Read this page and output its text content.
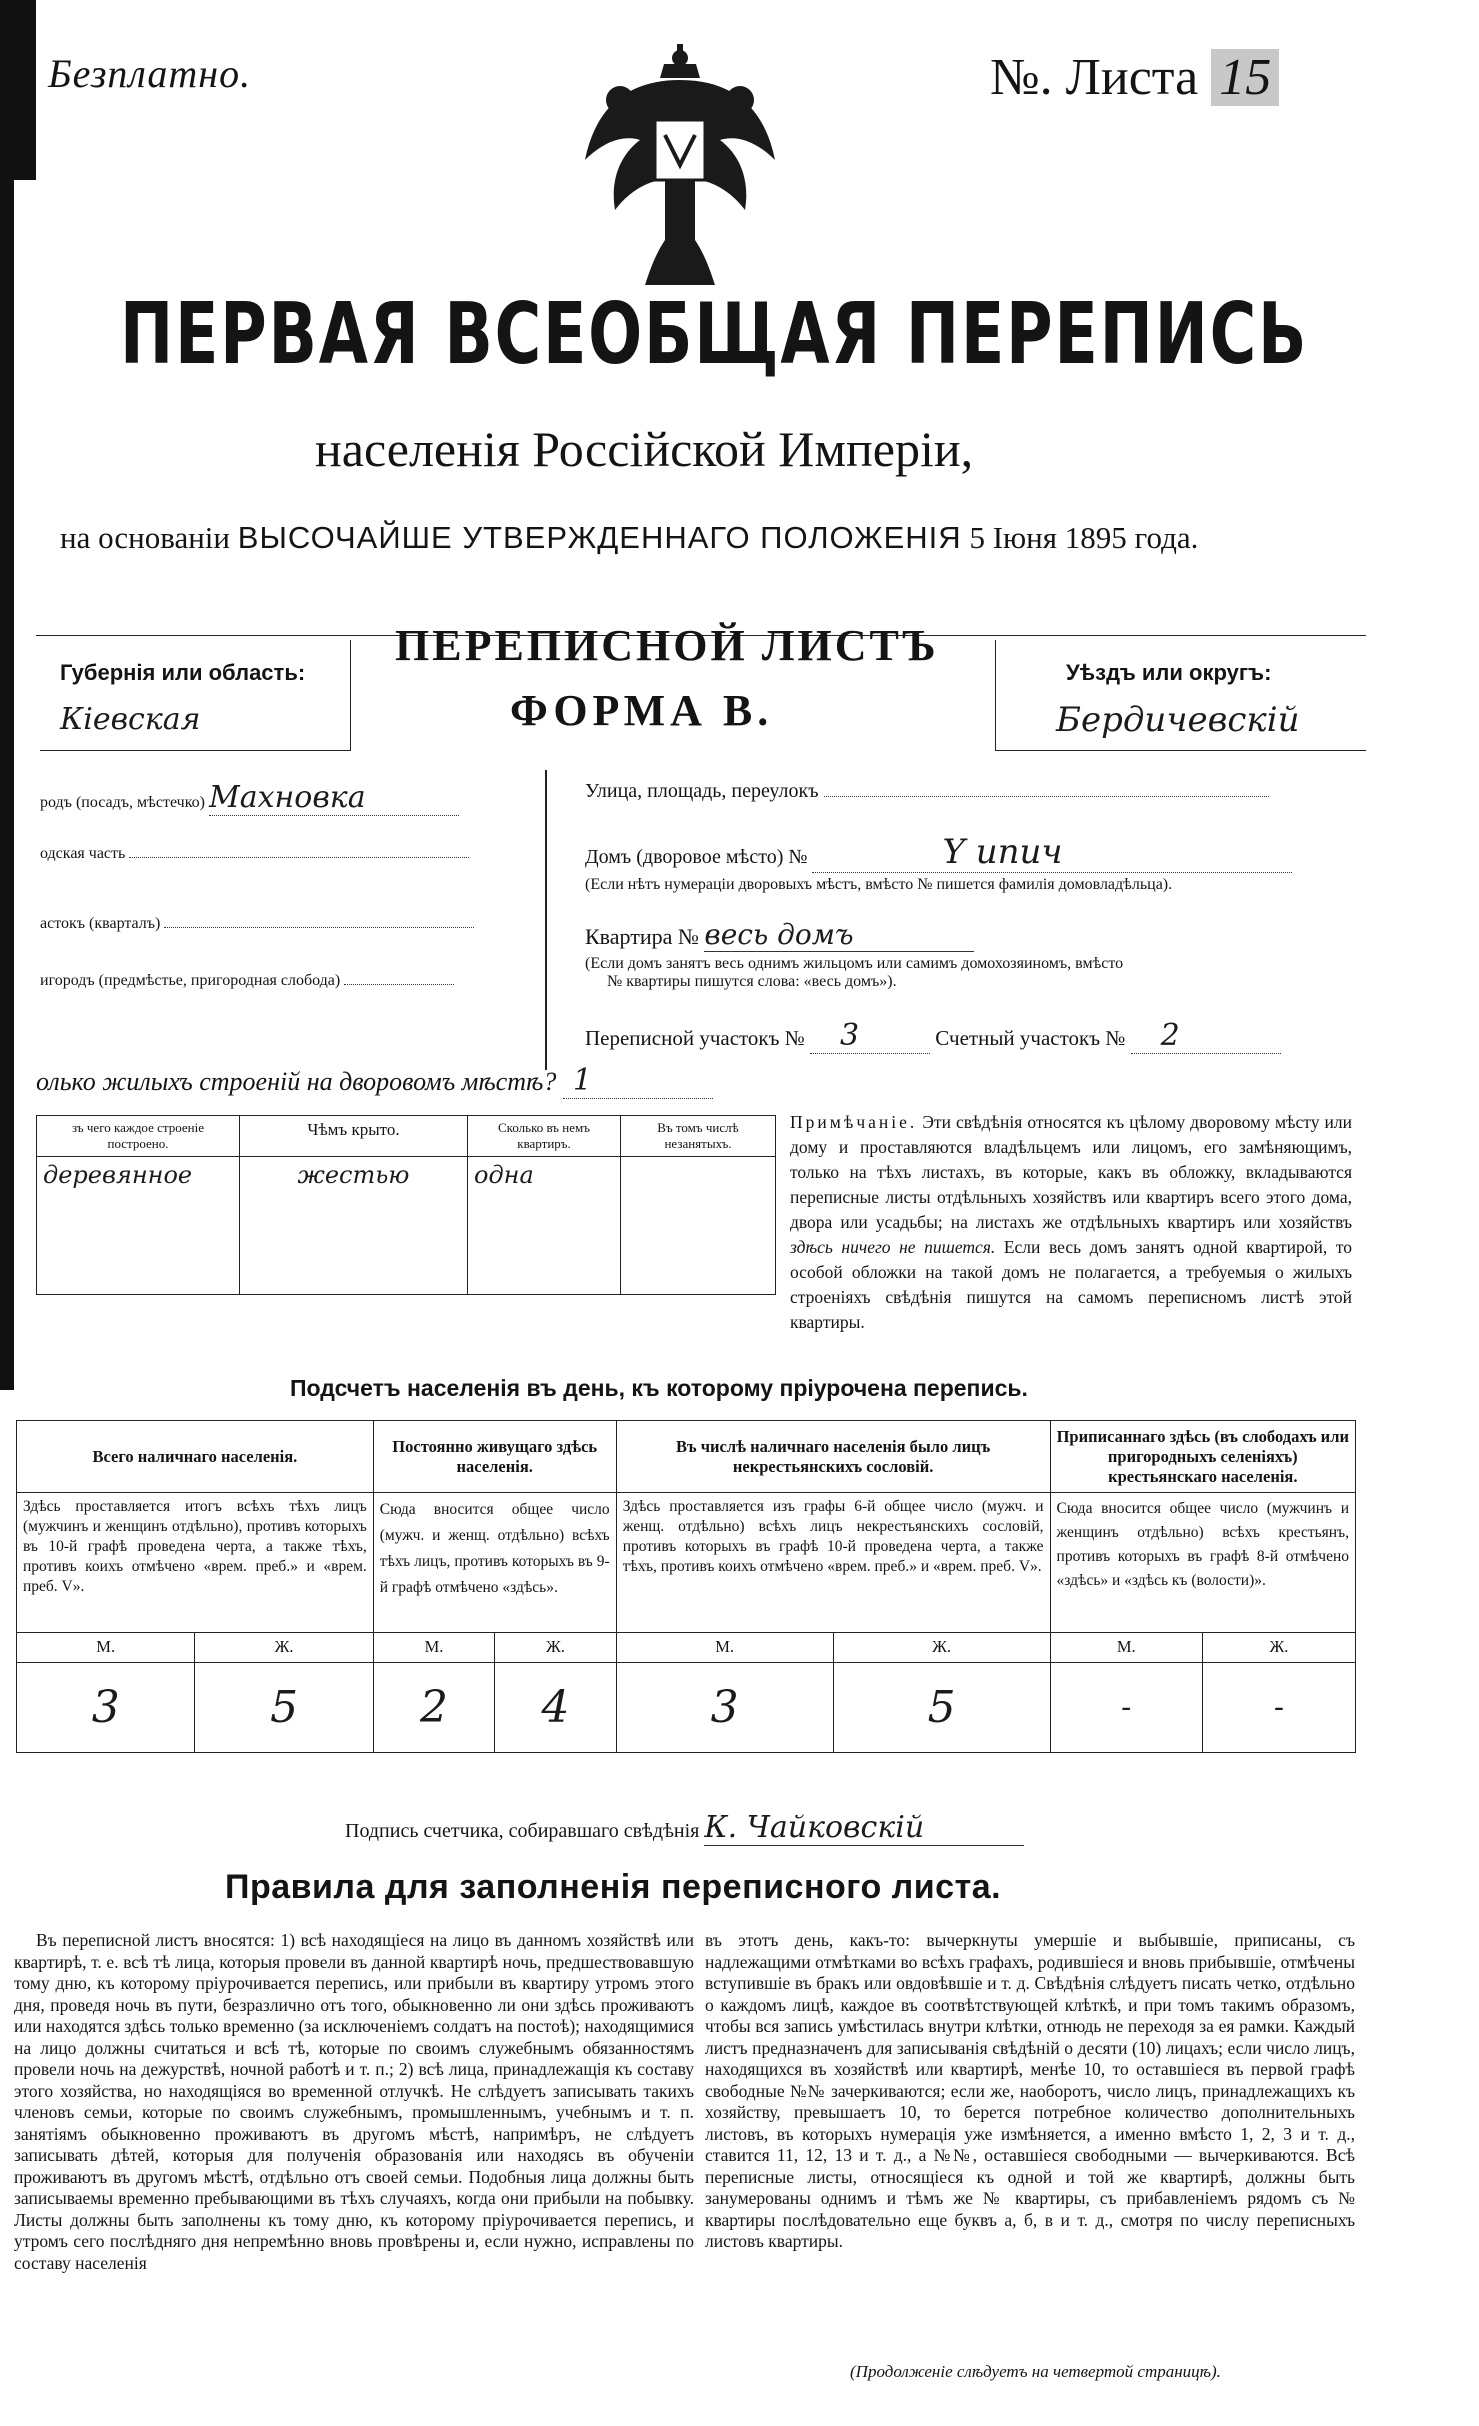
Безплатно.	№. Листа 15
ПЕРВАЯ ВСЕОБЩАЯ ПЕРЕПИСЬ
населенія Россійской Имперіи,
на основаніи ВЫСОЧАЙШЕ УТВЕРЖДЕННАГО ПОЛОЖЕНІЯ 5 Іюня 1895 года.
Губернія или область:
Кіевская
ПЕРЕПИСНОЙ ЛИСТЪ
ФОРМА В.
Уѣздъ или округъ:
Бердичевскій
родъ (посадъ, мѣстечко) Махновка
одская часть
астокъ (кварталъ)
игородъ (предмѣстье, пригородная слобода)
Улица, площадь, переулокъ
Домъ (дворовое мѣсто) №	Y ипич
(Если нѣтъ нумераціи дворовыхъ мѣстъ, вмѣсто № пишется фамилія домовладѣльца).
Квартира № весь домъ
(Если домъ занятъ весь однимъ жильцомъ или самимъ домохозяиномъ, вмѣсто
№ квартиры пишутся слова: «весь домъ»).
Переписной участокъ № 3	Счетный участокъ № 2
олько жилыхъ строеній на дворовомъ мѣстѣ? 1
зъ чего каждое строеніе построено.	Чѣмъ крыто.	Сколько въ немъ квартиръ.	Въ томъ числѣ незанятыхъ.
деревянное	жестью	одна	
Примѣчаніе. Эти свѣдѣнія относятся къ цѣлому дворовому мѣсту или дому и проставляются владѣльцемъ или лицомъ, его замѣняющимъ, только на тѣхъ листахъ, въ которые, какъ въ обложку, вкладываются переписные листы отдѣльныхъ хозяйствъ или квартиръ всего этого дома, двора или усадьбы; на листахъ же отдѣльныхъ квартиръ или хозяйствъ здѣсь ничего не пишется. Если весь домъ занятъ одной квартирой, то особой обложки на такой домъ не полагается, а требуемыя о жилыхъ строеніяхъ свѣдѣнія пишутся на самомъ переписномъ листѣ этой квартиры.
Подсчетъ населенія въ день, къ которому пріурочена перепись.
Всего наличнаго населенія.		Постоянно живущаго здѣсь населенія.		Въ числѣ наличнаго населенія было лицъ некрестьянскихъ сословій.		Приписаннаго здѣсь (въ слободахъ или пригородныхъ селеніяхъ) крестьянскаго населенія.	
Здѣсь проставляется итогъ всѣхъ тѣхъ лицъ (мужчинъ и женщинъ отдѣльно), противъ которыхъ въ 10-й графѣ проведена черта, а также тѣхъ, противъ коихъ отмѣчено «врем. преб.» и «врем. преб. V».		Сюда вносится общее число (мужч. и женщ. отдѣльно) всѣхъ тѣхъ лицъ, противъ которыхъ въ 9-й графѣ отмѣчено «здѣсь».		Здѣсь проставляется изъ графы 6-й общее число (мужч. и женщ. отдѣльно) всѣхъ лицъ некрестьянскихъ сословій, противъ которыхъ въ графѣ 10-й проведена черта, а также тѣхъ, противъ коихъ отмѣчено «врем. преб.» и «врем. преб. V».		Сюда вносится общее число (мужчинъ и женщинъ отдѣльно) всѣхъ крестьянъ, противъ которыхъ въ графѣ 8-й отмѣчено «здѣсь» и «здѣсь къ (волости)».	
М.	Ж.	М.	Ж.	М.	Ж.	М.	Ж.
3	5	2	4	3	5	-	-
Подпись счетчика, собиравшаго свѣдѣнія К. Чайковскій
Правила для заполненія переписного листа.
Въ переписной листъ вносятся: 1) всѣ находящіеся на лицо въ данномъ хозяйствѣ или квартирѣ, т. е. всѣ тѣ лица, которыя провели въ данной квартирѣ ночь, предшествовавшую тому дню, къ которому пріурочивается перепись, или прибыли въ квартиру утромъ этого дня, проведя ночь въ пути, безразлично отъ того, обыкновенно ли они здѣсь проживаютъ или находятся здѣсь только временно (за исключеніемъ солдатъ на постоѣ); находящимися на лицо должны считаться и всѣ тѣ, которые по своимъ служебнымъ обязанностямъ провели ночь на дежурствѣ, ночной работѣ и т. п.; 2) всѣ лица, принадлежащія къ составу этого хозяйства, но находящіяся во временной отлучкѣ. Не слѣдуетъ записывать такихъ членовъ семьи, которые по своимъ служебнымъ, промышленнымъ, учебнымъ и т. п. занятіямъ обыкновенно проживаютъ въ другомъ мѣстѣ, напримѣръ, не слѣдуетъ записывать дѣтей, которыя для полученія образованія или находясь въ обученіи проживаютъ въ другомъ мѣстѣ, отдѣльно отъ своей семьи. Подобныя лица должны быть записываемы временно пребывающими въ тѣхъ случаяхъ, когда они прибыли на побывку. Листы должны быть заполнены къ тому дню, къ которому пріурочивается перепись, и утромъ сего послѣдняго дня непремѣнно вновь провѣрены и, если нужно, исправлены по составу населенія
въ этотъ день, какъ-то: вычеркнуты умершіе и выбывшіе, приписаны, съ надлежащими отмѣтками во всѣхъ графахъ, родившіеся и вновь прибывшіе, отмѣчены вступившіе въ бракъ или овдовѣвшіе и т. д. Свѣдѣнія слѣдуетъ писать четко, отдѣльно о каждомъ лицѣ, каждое въ соотвѣтствующей клѣткѣ, и при томъ такимъ образомъ, чтобы вся запись умѣстилась внутри клѣтки, отнюдь не переходя за ея рамки. Каждый листъ предназначенъ для записыванія свѣдѣній о десяти (10) лицахъ; если число лицъ, находящихся въ хозяйствѣ или квартирѣ, менѣе 10, то оставшіеся въ первой графѣ свободные №№ зачеркиваются; если же, наоборотъ, число лицъ, принадлежащихъ къ хозяйству, превышаетъ 10, то берется потребное количество дополнительныхъ листовъ, въ которыхъ нумерація уже измѣняется, а именно вмѣсто 1, 2, 3 и т. д., ставится 11, 12, 13 и т. д., а №№, оставшіеся свободными — вычеркиваются. Всѣ переписные листы, относящіеся къ одной и той же квартирѣ, должны быть занумерованы однимъ и тѣмъ же № квартиры, съ прибавленіемъ рядомъ съ № квартиры послѣдовательно еще буквъ а, б, в и т. д., смотря по числу переписныхъ листовъ квартиры.
(Продолженіе слѣдуетъ на четвертой страницѣ).
